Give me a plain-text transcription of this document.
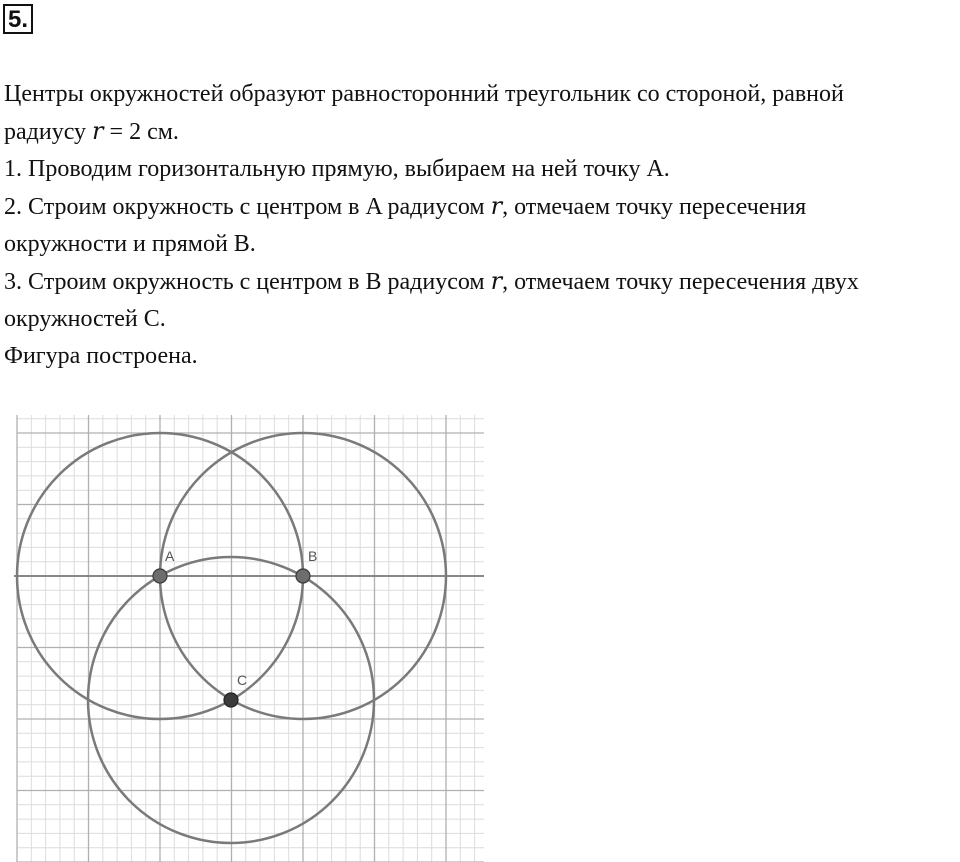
5.
Центры окружностей образуют равносторонний треугольник со стороной, равной
радиусу r = 2 см.
1. Проводим горизонтальную прямую, выбираем на ней точку A.
2. Строим окружность с центром в A радиусом r, отмечаем точку пересечения
окружности и прямой B.
3. Строим окружность с центром в B радиусом r, отмечаем точку пересечения двух
окружностей C.
Фигура построена.
A	B
C
